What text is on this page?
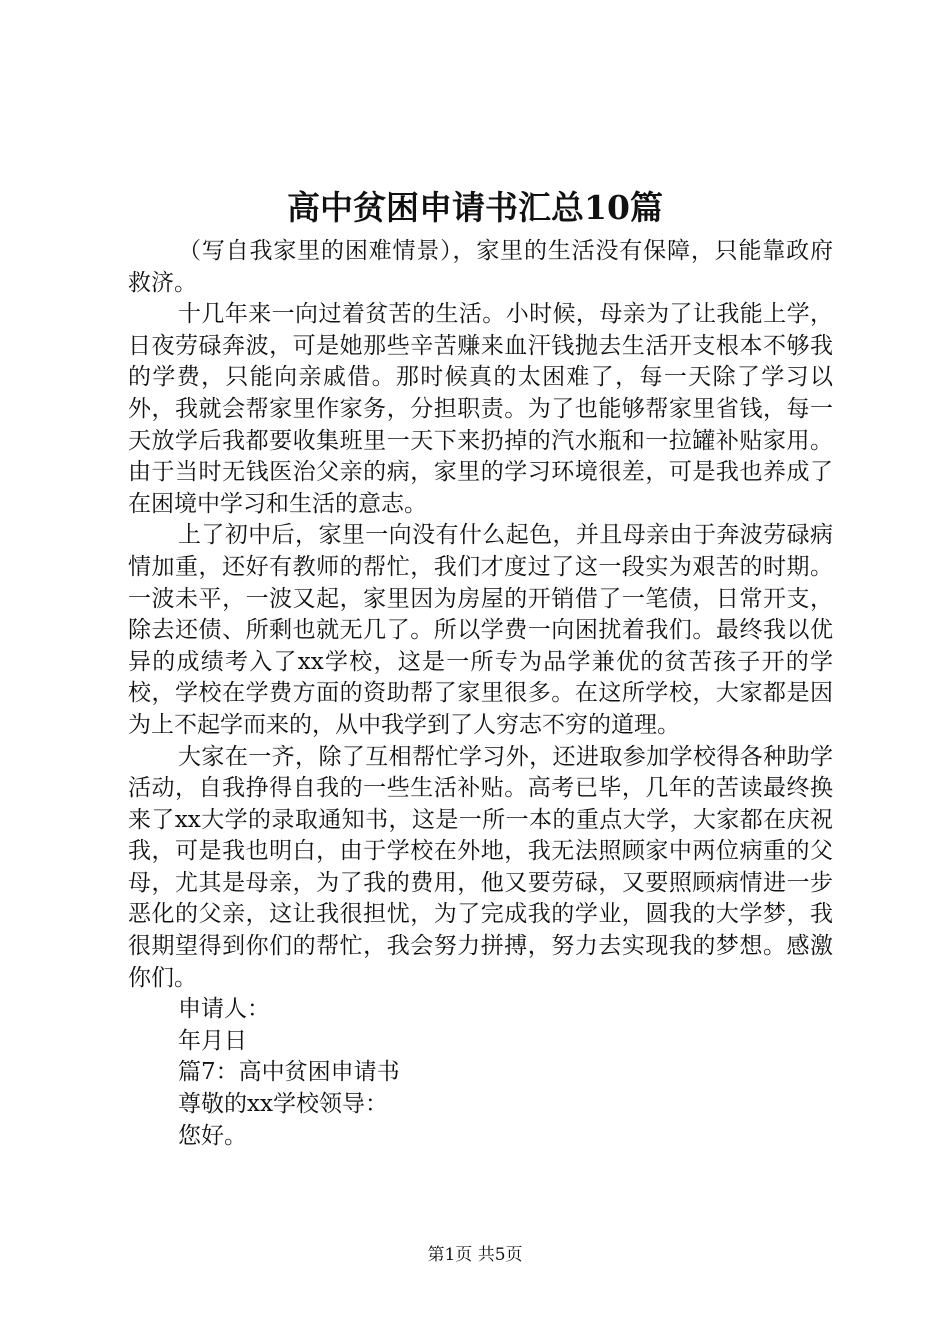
高中贫困申请书汇总10篇

（写自我家里的困难情景），家里的生活没有保障，只能靠政府救济。

十几年来一向过着贫苦的生活。小时候，母亲为了让我能上学，日夜劳碌奔波，可是她那些辛苦赚来血汗钱抛去生活开支根本不够我的学费，只能向亲戚借。那时候真的太困难了，每一天除了学习以外，我就会帮家里作家务，分担职责。为了也能够帮家里省钱，每一天放学后我都要收集班里一天下来扔掉的汽水瓶和一拉罐补贴家用。由于当时无钱医治父亲的病，家里的学习环境很差，可是我也养成了在困境中学习和生活的意志。

上了初中后，家里一向没有什么起色，并且母亲由于奔波劳碌病情加重，还好有教师的帮忙，我们才度过了这一段实为艰苦的时期。一波未平，一波又起，家里因为房屋的开销借了一笔债，日常开支，除去还债、所剩也就无几了。所以学费一向困扰着我们。最终我以优异的成绩考入了xx学校，这是一所专为品学兼优的贫苦孩子开的学校，学校在学费方面的资助帮了家里很多。在这所学校，大家都是因为上不起学而来的，从中我学到了人穷志不穷的道理。

大家在一齐，除了互相帮忙学习外，还进取参加学校得各种助学活动，自我挣得自我的一些生活补贴。高考已毕，几年的苦读最终换来了xx大学的录取通知书，这是一所一本的重点大学，大家都在庆祝我，可是我也明白，由于学校在外地，我无法照顾家中两位病重的父母，尤其是母亲，为了我的费用，他又要劳碌，又要照顾病情进一步恶化的父亲，这让我很担忧，为了完成我的学业，圆我的大学梦，我很期望得到你们的帮忙，我会努力拼搏，努力去实现我的梦想。感激你们。

申请人：

年月日

篇7：高中贫困申请书

尊敬的xx学校领导：

您好。

第1页 共5页
